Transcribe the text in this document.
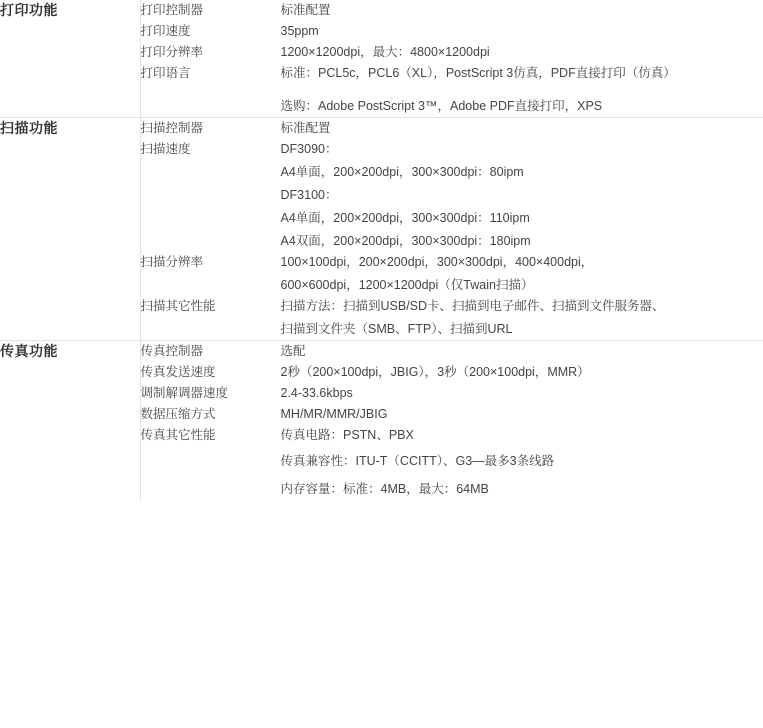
打印功能
		打印控制器	标准配置

打印速度	35ppm

打印分辨率	1200×1200dpi，最大：4800×1200dpi

打印语言	标准：PCL5c，PCL6（XL），PostScript 3仿真，PDF直接打印（仿真）
选购：Adobe PostScript 3™，Adobe PDF直接打印，XPS

扫描功能
		扫描控制器	标准配置

扫描速度	DF3090：
A4单面，200×200dpi，300×300dpi：80ipm
DF3100：
A4单面，200×200dpi，300×300dpi：110ipm
A4双面，200×200dpi，300×300dpi：180ipm

扫描分辨率	100×100dpi，200×200dpi，300×300dpi，400×400dpi，
600×600dpi，1200×1200dpi（仅Twain扫描）

扫描其它性能	扫描方法：扫描到USB/SD卡、扫描到电子邮件、扫描到文件服务器、
扫描到文件夹（SMB、FTP）、扫描到URL

传真功能
		传真控制器	选配

传真发送速度	2秒（200×100dpi，JBIG），3秒（200×100dpi，MMR）

调制解调器速度	2.4-33.6kbps

数据压缩方式	MH/MR/MMR/JBIG

传真其它性能	传真电路：PSTN、PBX
传真兼容性：ITU-T（CCITT）、G3—最多3条线路
内存容量：标准：4MB，最大：64MB
